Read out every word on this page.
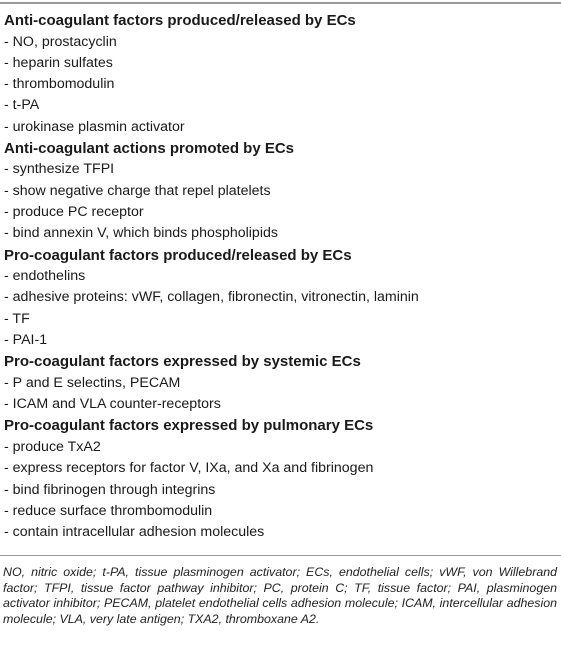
Anti-coagulant factors produced/released by ECs
- NO, prostacyclin
- heparin sulfates
- thrombomodulin
- t-PA
- urokinase plasmin activator
Anti-coagulant actions promoted by ECs
- synthesize TFPI
- show negative charge that repel platelets
- produce PC receptor
- bind annexin V, which binds phospholipids
Pro-coagulant factors produced/released by ECs
- endothelins
- adhesive proteins: vWF, collagen, fibronectin, vitronectin, laminin
- TF
- PAI-1
Pro-coagulant factors expressed by systemic ECs
- P and E selectins, PECAM
- ICAM and VLA counter-receptors
Pro-coagulant factors expressed by pulmonary ECs
- produce TxA2
- express receptors for factor V, IXa, and Xa and fibrinogen
- bind fibrinogen through integrins
- reduce surface thrombomodulin
- contain intracellular adhesion molecules
NO, nitric oxide; t-PA, tissue plasminogen activator; ECs, endothelial cells; vWF, von Willebrand factor; TFPI, tissue factor pathway inhibitor; PC, protein C; TF, tissue factor; PAI, plasminogen activator inhibitor; PECAM, platelet endothelial cells adhesion molecule; ICAM, intercellular adhesion molecule; VLA, very late antigen; TXA2, thromboxane A2.
